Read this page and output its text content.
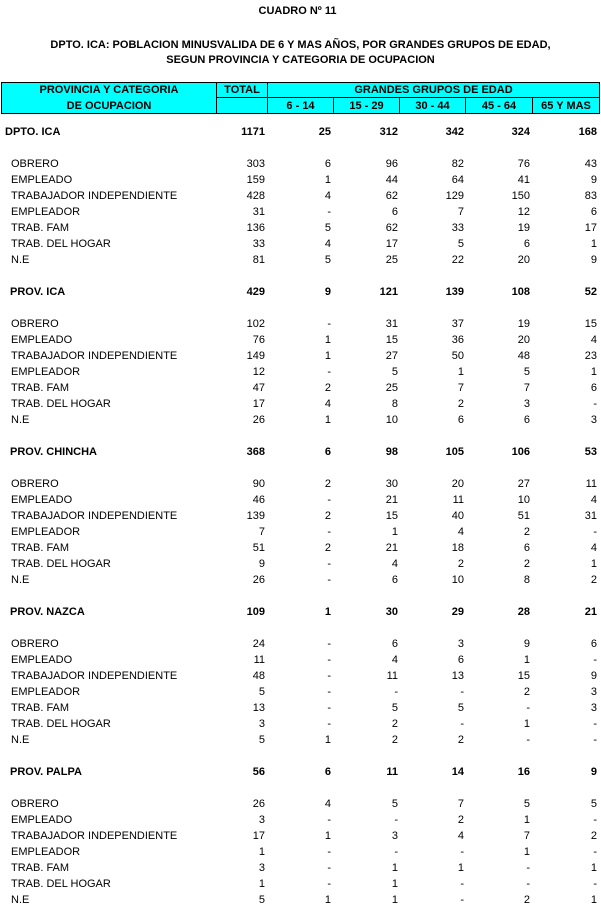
CUADRO Nº 11
DPTO. ICA: POBLACION MINUSVALIDA DE 6 Y MAS AÑOS, POR GRANDES GRUPOS DE EDAD,
SEGUN PROVINCIA Y CATEGORIA DE OCUPACION
PROVINCIA Y CATEGORIA
DE OCUPACION
TOTAL	GRANDES GRUPOS DE EDAD
6 - 14	15 - 29	30 - 44	45 - 64	65 Y MAS
DPTO. ICA	1171	25	312	342	324	168
OBRERO	303	6	96	82	76	43
EMPLEADO	159	1	44	64	41	9
TRABAJADOR INDEPENDIENTE	428	4	62	129	150	83
EMPLEADOR	31	-	6	7	12	6
TRAB. FAM	136	5	62	33	19	17
TRAB. DEL HOGAR	33	4	17	5	6	1
N.E	81	5	25	22	20	9
PROV. ICA	429	9	121	139	108	52
OBRERO	102	-	31	37	19	15
EMPLEADO	76	1	15	36	20	4
TRABAJADOR INDEPENDIENTE	149	1	27	50	48	23
EMPLEADOR	12	-	5	1	5	1
TRAB. FAM	47	2	25	7	7	6
TRAB. DEL HOGAR	17	4	8	2	3	-
N.E	26	1	10	6	6	3
PROV. CHINCHA	368	6	98	105	106	53
OBRERO	90	2	30	20	27	11
EMPLEADO	46	-	21	11	10	4
TRABAJADOR INDEPENDIENTE	139	2	15	40	51	31
EMPLEADOR	7	-	1	4	2	-
TRAB. FAM	51	2	21	18	6	4
TRAB. DEL HOGAR	9	-	4	2	2	1
N.E	26	-	6	10	8	2
PROV. NAZCA	109	1	30	29	28	21
OBRERO	24	-	6	3	9	6
EMPLEADO	11	-	4	6	1	-
TRABAJADOR INDEPENDIENTE	48	-	11	13	15	9
EMPLEADOR	5	-	-	-	2	3
TRAB. FAM	13	-	5	5	-	3
TRAB. DEL HOGAR	3	-	2	-	1	-
N.E	5	1	2	2	-	-
PROV. PALPA	56	6	11	14	16	9
OBRERO	26	4	5	7	5	5
EMPLEADO	3	-	-	2	1	-
TRABAJADOR INDEPENDIENTE	17	1	3	4	7	2
EMPLEADOR	1	-	-	-	1	-
TRAB. FAM	3	-	1	1	-	1
TRAB. DEL HOGAR	1	-	1	-	-	-
N.E	5	1	1	-	2	1
